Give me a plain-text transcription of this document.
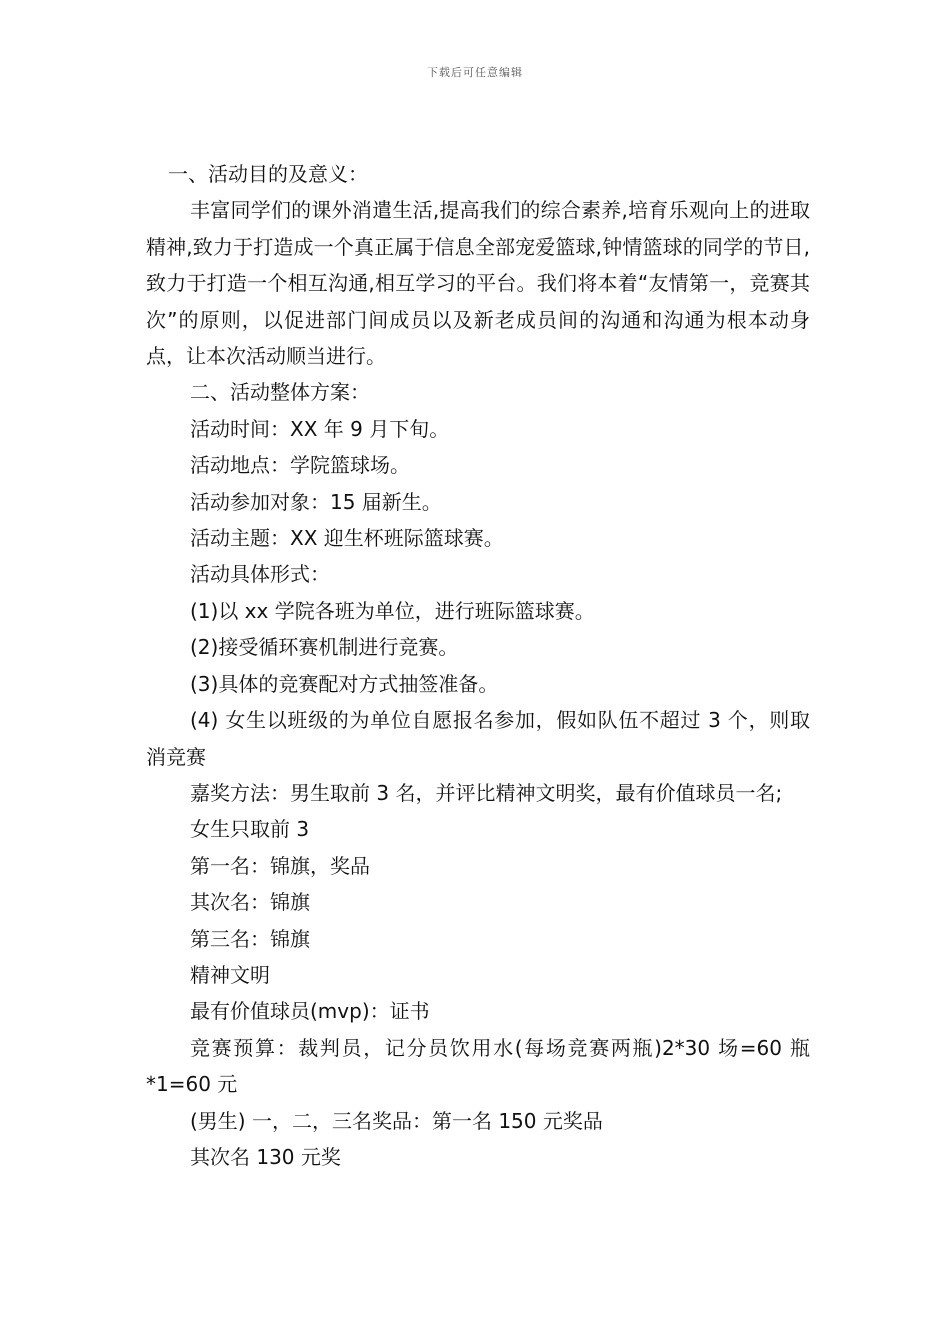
下载后可任意编辑

一、活动目的及意义：

丰富同学们的课外消遣生活,提高我们的综合素养,培育乐观向上的进取精神,致力于打造成一个真正属于信息全部宠爱篮球,钟情篮球的同学的节日,致力于打造一个相互沟通,相互学习的平台。我们将本着“友情第一，竞赛其次”的原则，以促进部门间成员以及新老成员间的沟通和沟通为根本动身点，让本次活动顺当进行。

二、活动整体方案：

活动时间：XX 年 9 月下旬。

活动地点：学院篮球场。

活动参加对象：15 届新生。

活动主题：XX 迎生杯班际篮球赛。

活动具体形式：

(1)以 xx 学院各班为单位，进行班际篮球赛。

(2)接受循环赛机制进行竞赛。

(3)具体的竞赛配对方式抽签准备。

(4) 女生以班级的为单位自愿报名参加，假如队伍不超过 3 个，则取消竞赛

嘉奖方法：男生取前 3 名，并评比精神文明奖，最有价值球员一名;

女生只取前 3

第一名：锦旗，奖品

其次名：锦旗

第三名：锦旗

精神文明

最有价值球员(mvp)：证书

竞赛预算：裁判员，记分员饮用水(每场竞赛两瓶)2*30 场=60 瓶*1=60 元

(男生) 一，二，三名奖品：第一名 150 元奖品

其次名 130 元奖
